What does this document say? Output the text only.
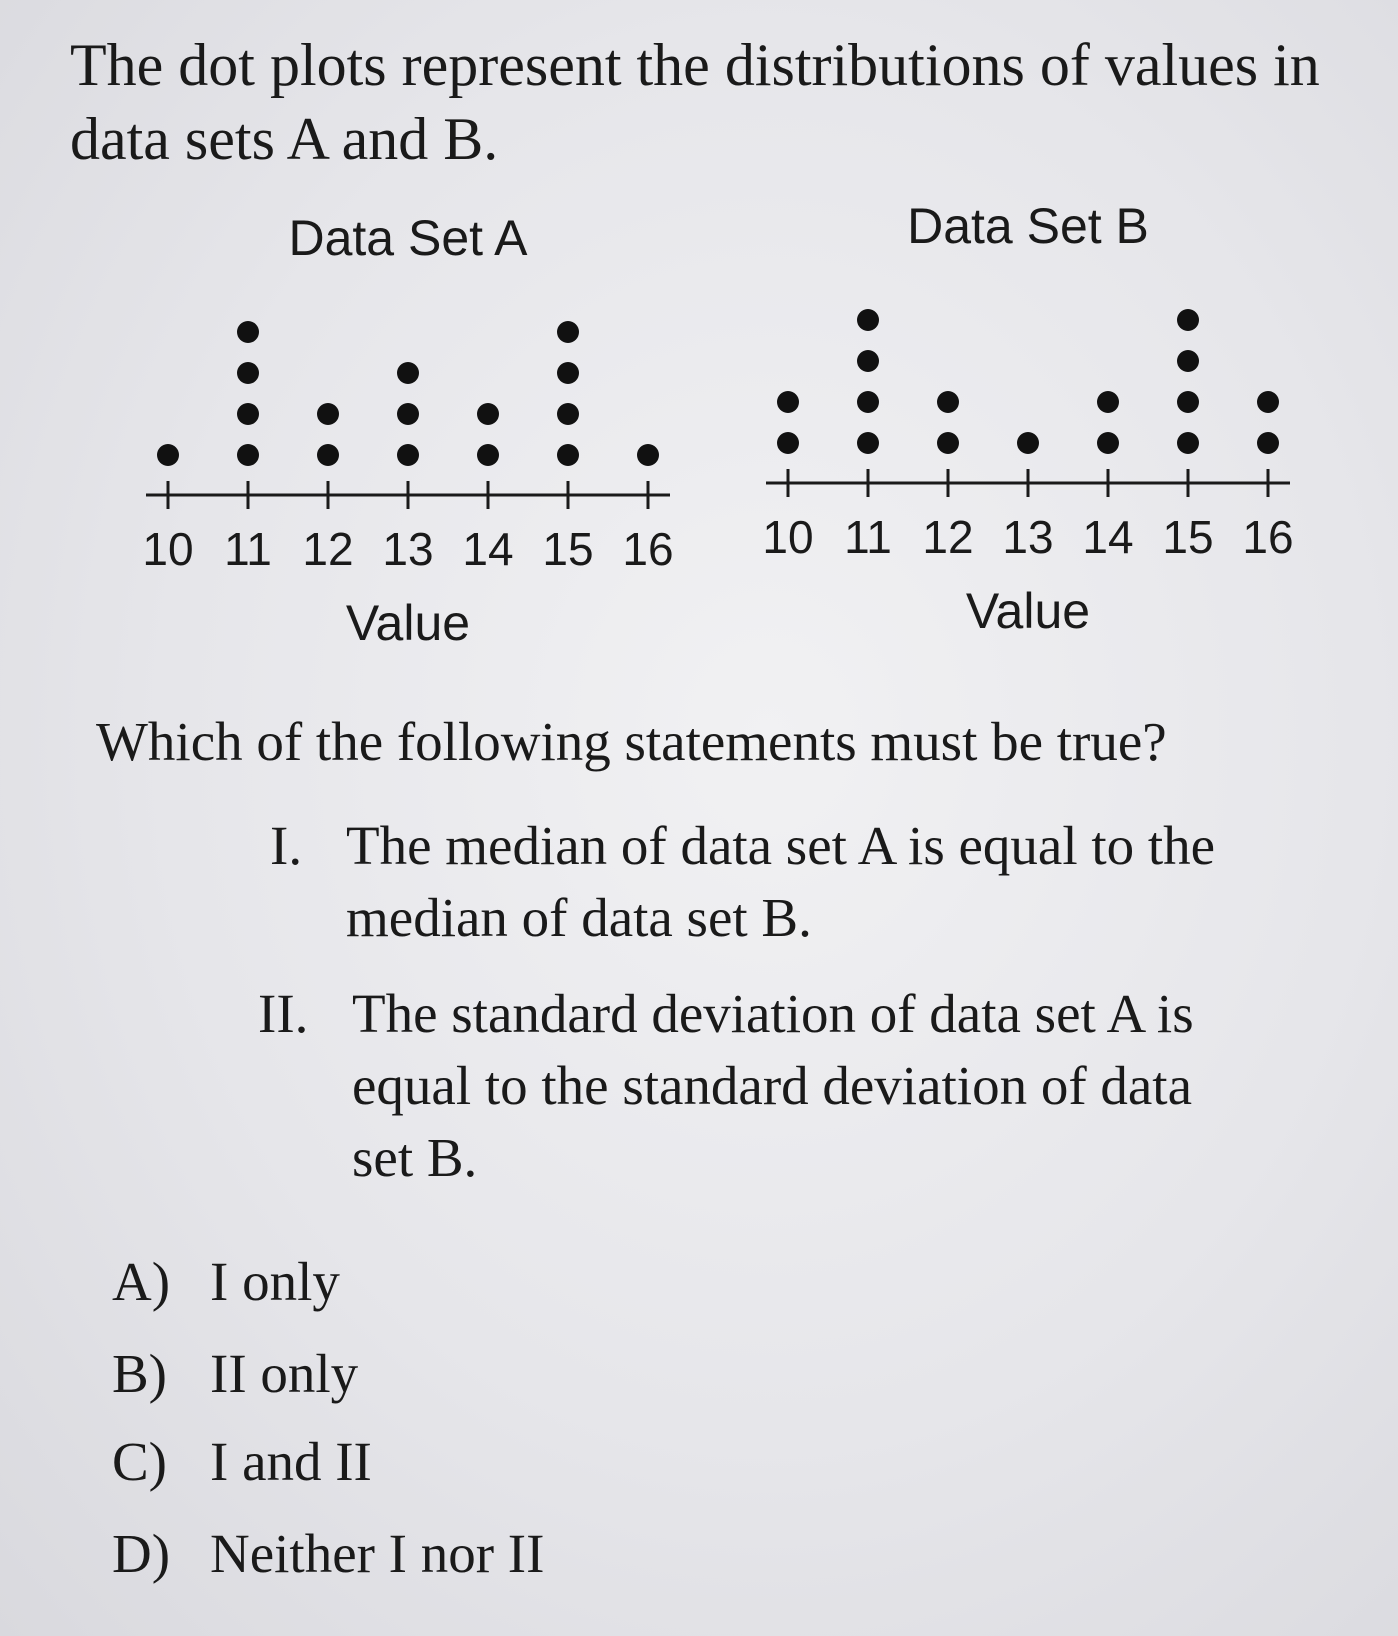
The dot plots represent the distributions of values in data sets A and B.
Data Set A
10 11 12 13 14 15 16
Value
Data Set B
10 11 12 13 14 15 16
Value
Which of the following statements must be true?
I. The median of data set A is equal to the median of data set B.
II. The standard deviation of data set A is equal to the standard deviation of data set B.
A) I only
B) II only
C) I and II
D) Neither I nor II
